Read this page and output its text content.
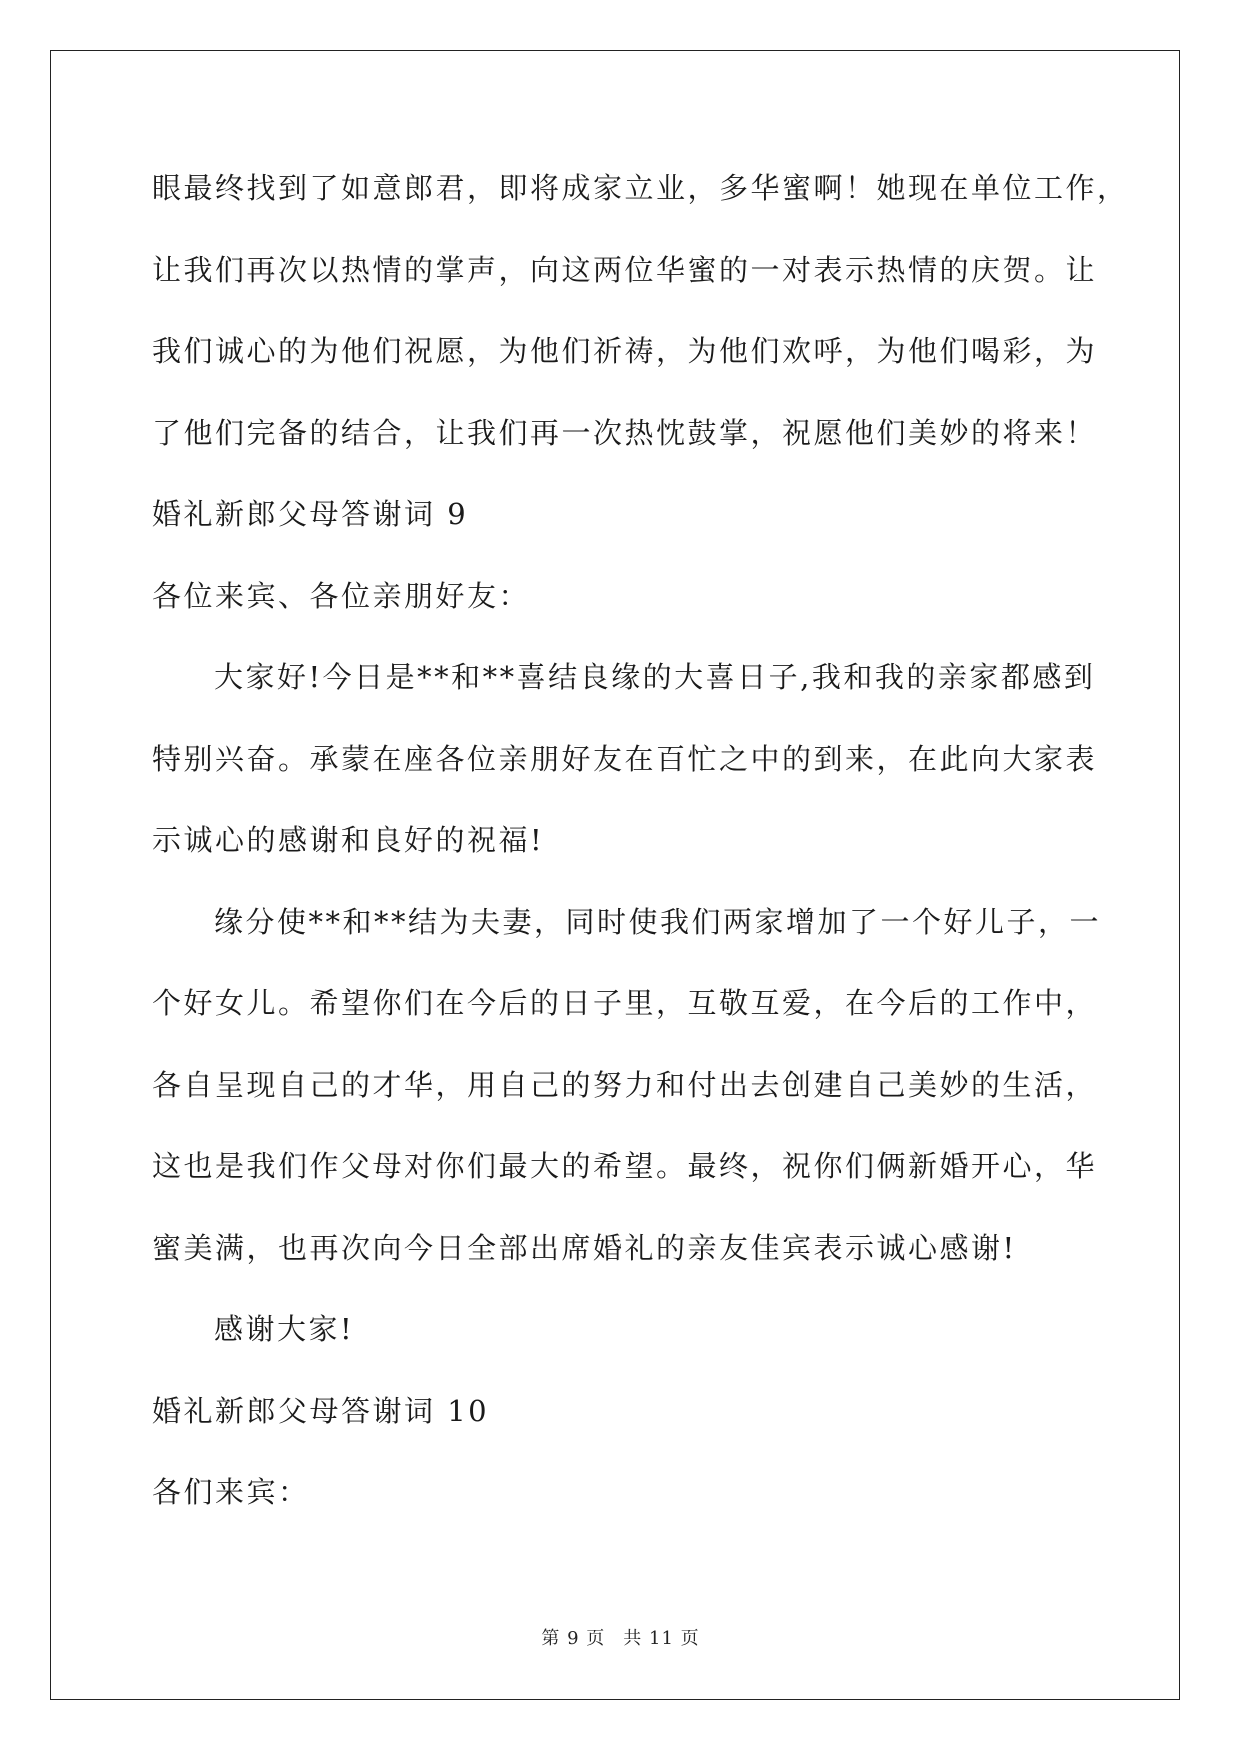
眼最终找到了如意郎君，即将成家立业，多华蜜啊！她现在单位工作，
让我们再次以热情的掌声，向这两位华蜜的一对表示热情的庆贺。让
我们诚心的为他们祝愿，为他们祈祷，为他们欢呼，为他们喝彩，为
了他们完备的结合，让我们再一次热忱鼓掌，祝愿他们美妙的将来！
婚礼新郎父母答谢词 9
各位来宾、各位亲朋好友：
大家好!今日是**和**喜结良缘的大喜日子,我和我的亲家都感到
特别兴奋。承蒙在座各位亲朋好友在百忙之中的到来，在此向大家表
示诚心的感谢和良好的祝福!
缘分使**和**结为夫妻，同时使我们两家增加了一个好儿子，一
个好女儿。希望你们在今后的日子里，互敬互爱，在今后的工作中，
各自呈现自己的才华，用自己的努力和付出去创建自己美妙的生活，
这也是我们作父母对你们最大的希望。最终，祝你们俩新婚开心，华
蜜美满，也再次向今日全部出席婚礼的亲友佳宾表示诚心感谢!
感谢大家!
婚礼新郎父母答谢词 10
各们来宾：
第 9 页 共 11 页
